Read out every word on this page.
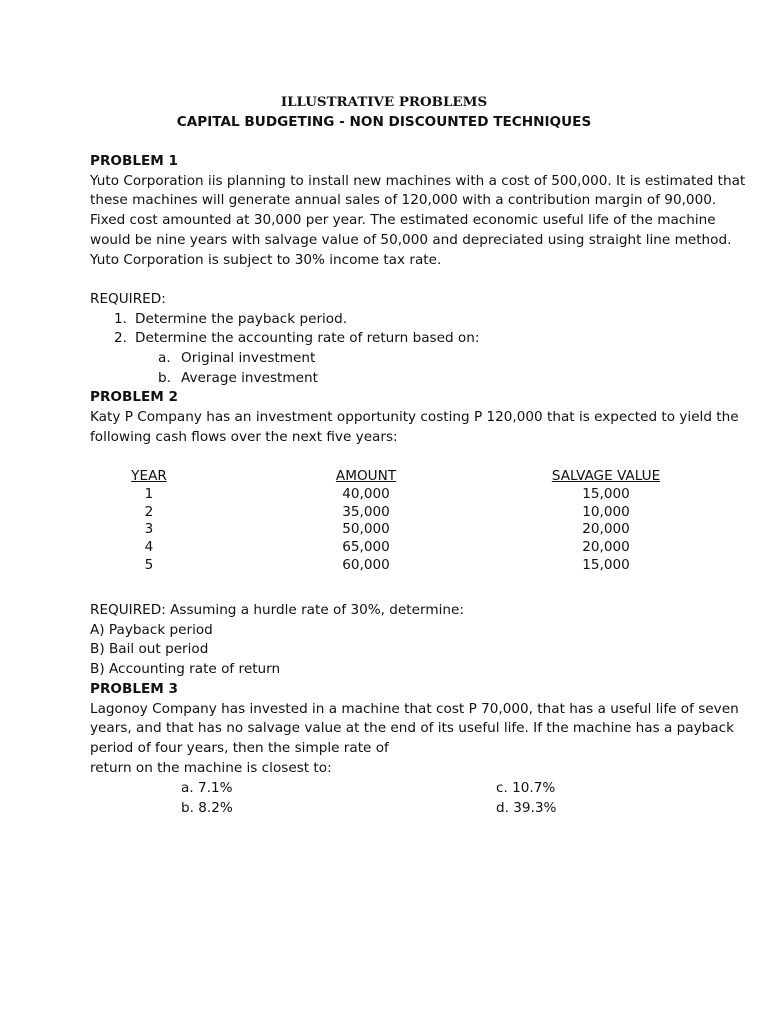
ILLUSTRATIVE PROBLEMS
CAPITAL BUDGETING - NON DISCOUNTED TECHNIQUES
PROBLEM 1
Yuto Corporation iis planning to install new machines with a cost of 500,000. It is estimated that
these machines will generate annual sales of 120,000 with a contribution margin of 90,000.
Fixed cost amounted at 30,000 per year. The estimated economic useful life of the machine
would be nine years with salvage value of 50,000 and depreciated using straight line method.
Yuto Corporation is subject to 30% income tax rate.

REQUIRED:
1. Determine the payback period.
2. Determine the accounting rate of return based on:
a. Original investment
b. Average investment
PROBLEM 2
Katy P Company has an investment opportunity costing P 120,000 that is expected to yield the
following cash flows over the next five years:
YEAR	AMOUNT	SALVAGE VALUE
1	40,000	15,000
2	35,000	10,000
3	50,000	20,000
4	65,000	20,000
5	60,000	15,000
REQUIRED: Assuming a hurdle rate of 30%, determine:
A) Payback period
B) Bail out period
B) Accounting rate of return
PROBLEM 3
Lagonoy Company has invested in a machine that cost P 70,000, that has a useful life of seven
years, and that has no salvage value at the end of its useful life. If the machine has a payback
period of four years, then the simple rate of
return on the machine is closest to:
a. 7.1%	c. 10.7%
b. 8.2%	d. 39.3%
